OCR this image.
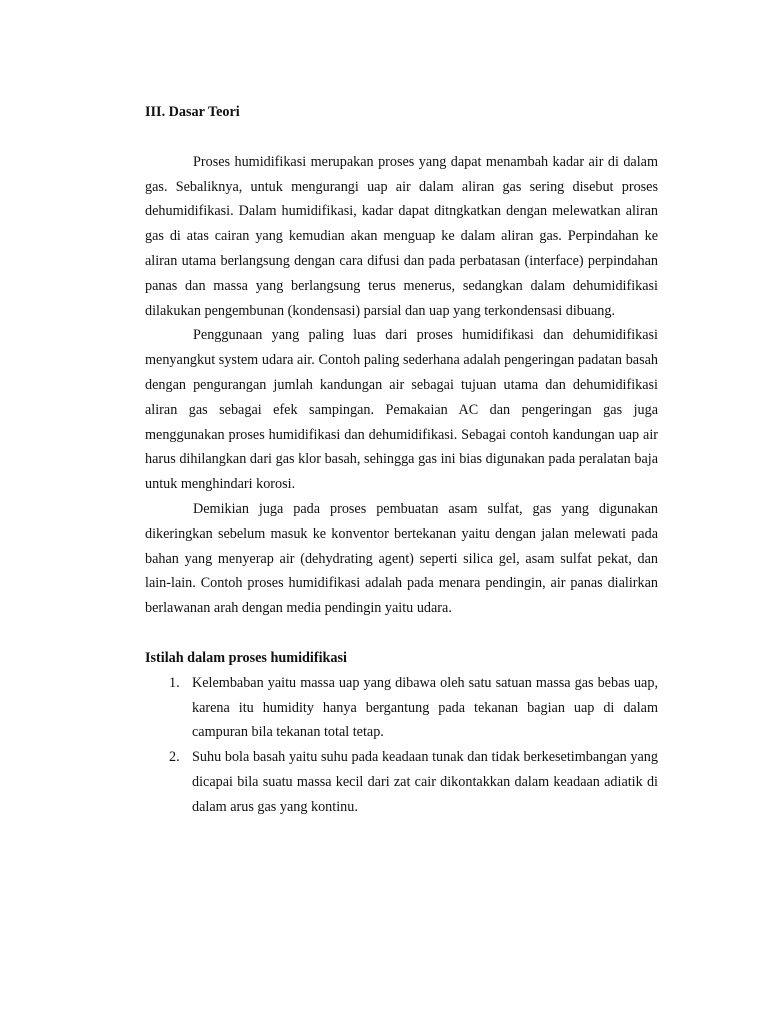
III. Dasar Teori

Proses humidifikasi merupakan proses yang dapat menambah kadar air di dalam gas. Sebaliknya, untuk mengurangi uap air dalam aliran gas sering disebut proses dehumidifikasi. Dalam humidifikasi, kadar dapat ditngkatkan dengan melewatkan aliran gas di atas cairan yang kemudian akan menguap ke dalam aliran gas. Perpindahan ke aliran utama berlangsung dengan cara difusi dan pada perbatasan (interface) perpindahan panas dan massa yang berlangsung terus menerus, sedangkan dalam dehumidifikasi dilakukan pengembunan (kondensasi) parsial dan uap yang terkondensasi dibuang.

Penggunaan yang paling luas dari proses humidifikasi dan dehumidifikasi menyangkut system udara air. Contoh paling sederhana adalah pengeringan padatan basah dengan pengurangan jumlah kandungan air sebagai tujuan utama dan dehumidifikasi aliran gas sebagai efek sampingan. Pemakaian AC dan pengeringan gas juga menggunakan proses humidifikasi dan dehumidifikasi. Sebagai contoh kandungan uap air harus dihilangkan dari gas klor basah, sehingga gas ini bias digunakan pada peralatan baja untuk menghindari korosi.

Demikian juga pada proses pembuatan asam sulfat, gas yang digunakan dikeringkan sebelum masuk ke konventor bertekanan yaitu dengan jalan melewati pada bahan yang menyerap air (dehydrating agent) seperti silica gel, asam sulfat pekat, dan lain-lain. Contoh proses humidifikasi adalah pada menara pendingin, air panas dialirkan berlawanan arah dengan media pendingin yaitu udara.

Istilah dalam proses humidifikasi

1. Kelembaban yaitu massa uap yang dibawa oleh satu satuan massa gas bebas uap, karena itu humidity hanya bergantung pada tekanan bagian uap di dalam campuran bila tekanan total tetap.
2. Suhu bola basah yaitu suhu pada keadaan tunak dan tidak berkesetimbangan yang dicapai bila suatu massa kecil dari zat cair dikontakkan dalam keadaan adiatik di dalam arus gas yang kontinu.
